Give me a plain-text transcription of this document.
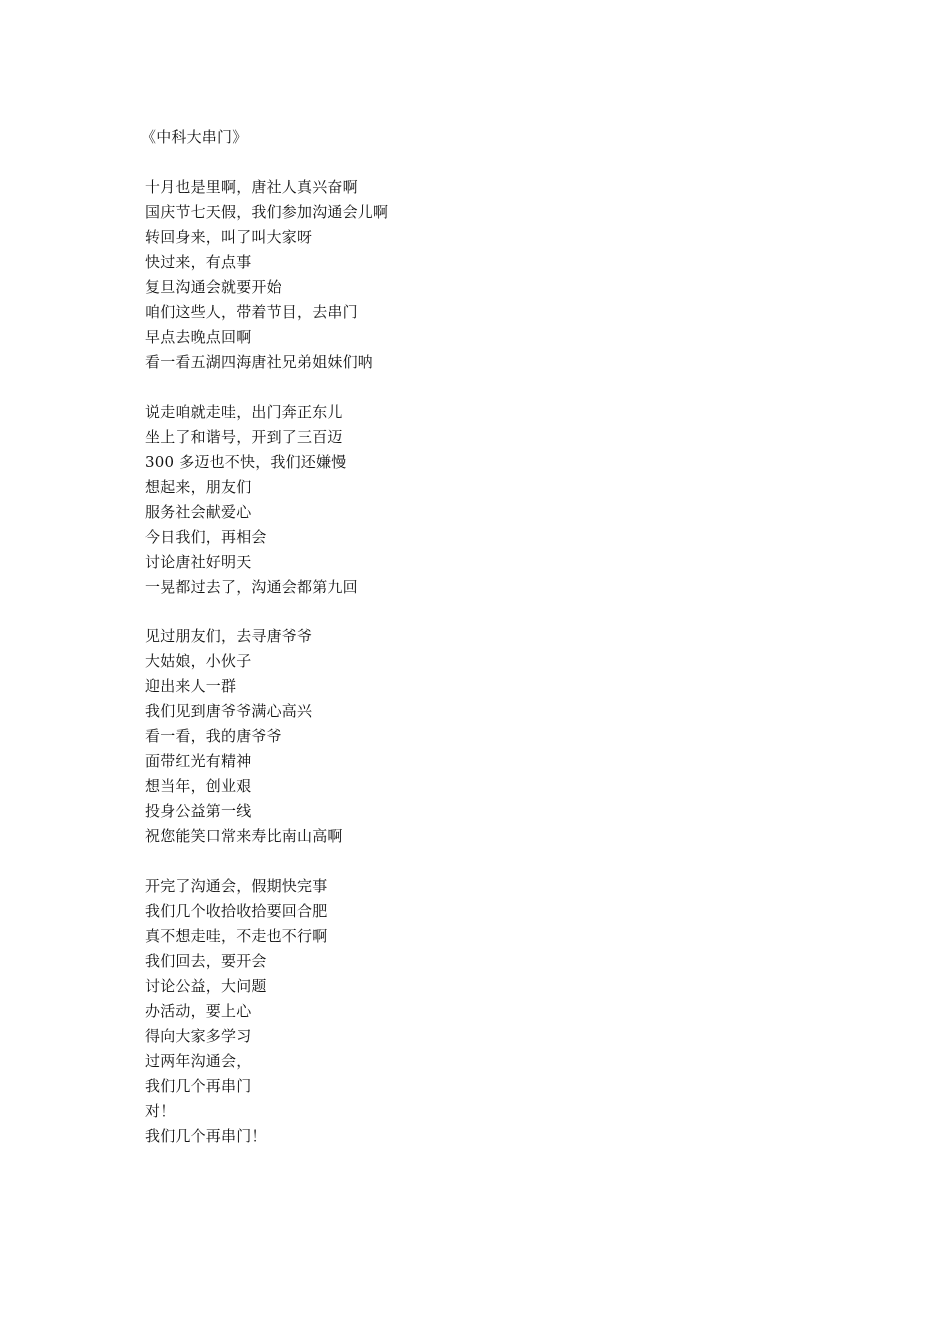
《中科大串门》
十月也是里啊，唐社人真兴奋啊
国庆节七天假，我们参加沟通会儿啊
转回身来，叫了叫大家呀
快过来，有点事
复旦沟通会就要开始
咱们这些人，带着节目，去串门
早点去晚点回啊
看一看五湖四海唐社兄弟姐妹们呐
说走咱就走哇，出门奔正东儿
坐上了和谐号，开到了三百迈
300 多迈也不快，我们还嫌慢
想起来，朋友们
服务社会献爱心
今日我们，再相会
讨论唐社好明天
一晃都过去了，沟通会都第九回
见过朋友们，去寻唐爷爷
大姑娘，小伙子
迎出来人一群
我们见到唐爷爷满心高兴
看一看，我的唐爷爷
面带红光有精神
想当年，创业艰
投身公益第一线
祝您能笑口常来寿比南山高啊
开完了沟通会，假期快完事
我们几个收拾收拾要回合肥
真不想走哇，不走也不行啊
我们回去，要开会
讨论公益，大问题
办活动，要上心
得向大家多学习
过两年沟通会，
我们几个再串门
对！
我们几个再串门！
